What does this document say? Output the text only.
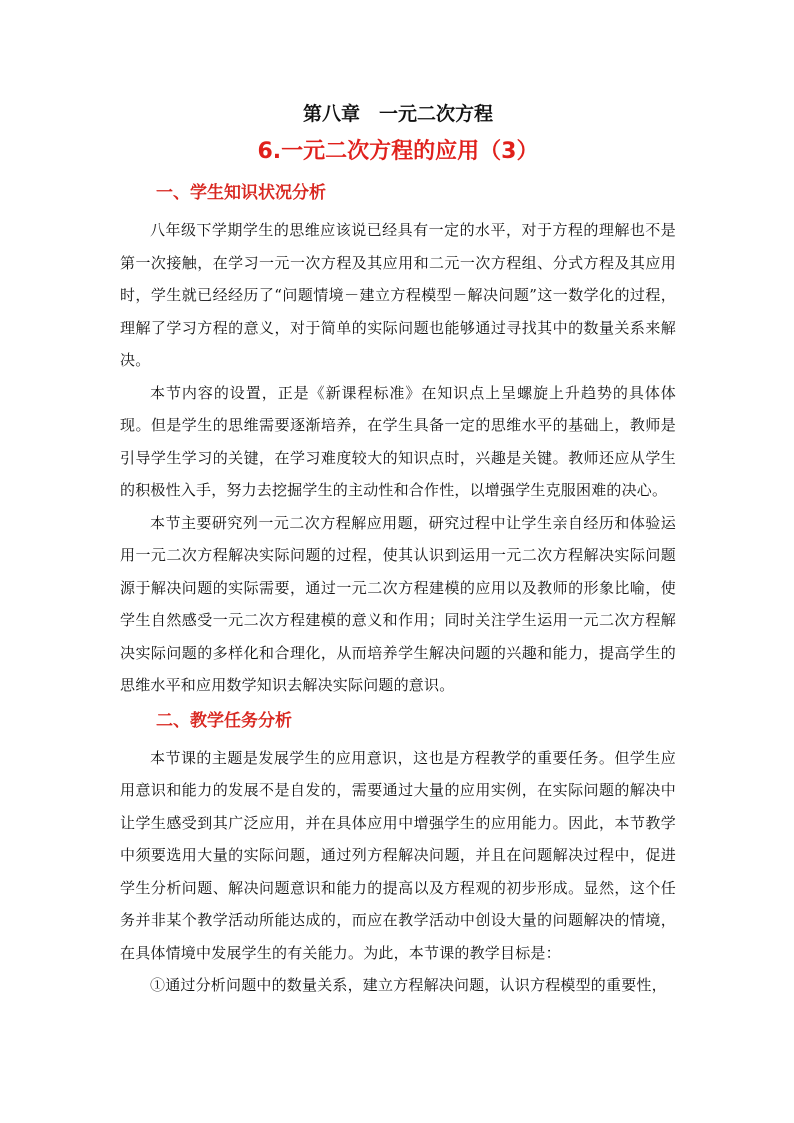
第八章　一元二次方程
6.一元二次方程的应用（3）
一、学生知识状况分析

八年级下学期学生的思维应该说已经具有一定的水平，对于方程的理解也不是第一次接触，在学习一元一次方程及其应用和二元一次方程组、分式方程及其应用时，学生就已经经历了“问题情境－建立方程模型－解决问题”这一数学化的过程，理解了学习方程的意义，对于简单的实际问题也能够通过寻找其中的数量关系来解决。

本节内容的设置，正是《新课程标准》在知识点上呈螺旋上升趋势的具体体现。但是学生的思维需要逐渐培养，在学生具备一定的思维水平的基础上，教师是引导学生学习的关键，在学习难度较大的知识点时，兴趣是关键。教师还应从学生的积极性入手，努力去挖掘学生的主动性和合作性，以增强学生克服困难的决心。

本节主要研究列一元二次方程解应用题，研究过程中让学生亲自经历和体验运用一元二次方程解决实际问题的过程，使其认识到运用一元二次方程解决实际问题源于解决问题的实际需要，通过一元二次方程建模的应用以及教师的形象比喻，使学生自然感受一元二次方程建模的意义和作用；同时关注学生运用一元二次方程解决实际问题的多样化和合理化，从而培养学生解决问题的兴趣和能力，提高学生的思维水平和应用数学知识去解决实际问题的意识。

二、教学任务分析

本节课的主题是发展学生的应用意识，这也是方程教学的重要任务。但学生应用意识和能力的发展不是自发的，需要通过大量的应用实例，在实际问题的解决中让学生感受到其广泛应用，并在具体应用中增强学生的应用能力。因此，本节教学中须要选用大量的实际问题，通过列方程解决问题，并且在问题解决过程中，促进学生分析问题、解决问题意识和能力的提高以及方程观的初步形成。显然，这个任务并非某个教学活动所能达成的，而应在教学活动中创设大量的问题解决的情境，在具体情境中发展学生的有关能力。为此，本节课的教学目标是：

①通过分析问题中的数量关系，建立方程解决问题，认识方程模型的重要性，
